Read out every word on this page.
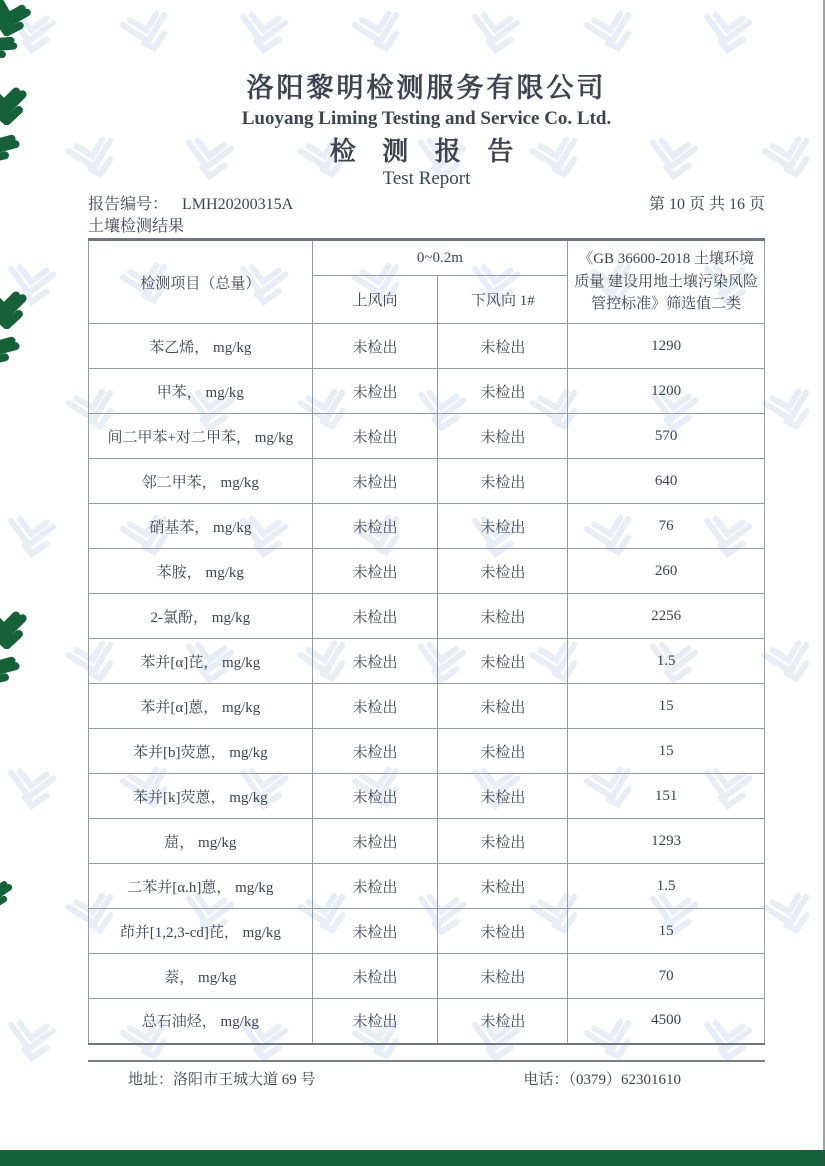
洛阳黎明检测服务有限公司
Luoyang Liming Testing and Service Co. Ltd.
检 测 报 告
Test Report
报告编号： LMH20200315A	第 10 页 共 16 页
土壤检测结果
检测项目（总量）	0~0.2m		《GB 36600-2018 土壤环境质量 建设用地土壤污染风险管控标准》筛选值二类
	上风向	下风向 1#	
苯乙烯， mg/kg	未检出	未检出	1290
甲苯， mg/kg	未检出	未检出	1200
间二甲苯+对二甲苯， mg/kg	未检出	未检出	570
邻二甲苯， mg/kg	未检出	未检出	640
硝基苯， mg/kg	未检出	未检出	76
苯胺， mg/kg	未检出	未检出	260
2-氯酚， mg/kg	未检出	未检出	2256
苯并[α]芘， mg/kg	未检出	未检出	1.5
苯并[α]蒽， mg/kg	未检出	未检出	15
苯并[b]荧蒽， mg/kg	未检出	未检出	15
苯并[k]荧蒽， mg/kg	未检出	未检出	151
䓛， mg/kg	未检出	未检出	1293
二苯并[α.h]蒽， mg/kg	未检出	未检出	1.5
茚并[1,2,3-cd]芘， mg/kg	未检出	未检出	15
萘， mg/kg	未检出	未检出	70
总石油烃， mg/kg	未检出	未检出	4500
地址：洛阳市王城大道 69 号	电话：（0379）62301610
